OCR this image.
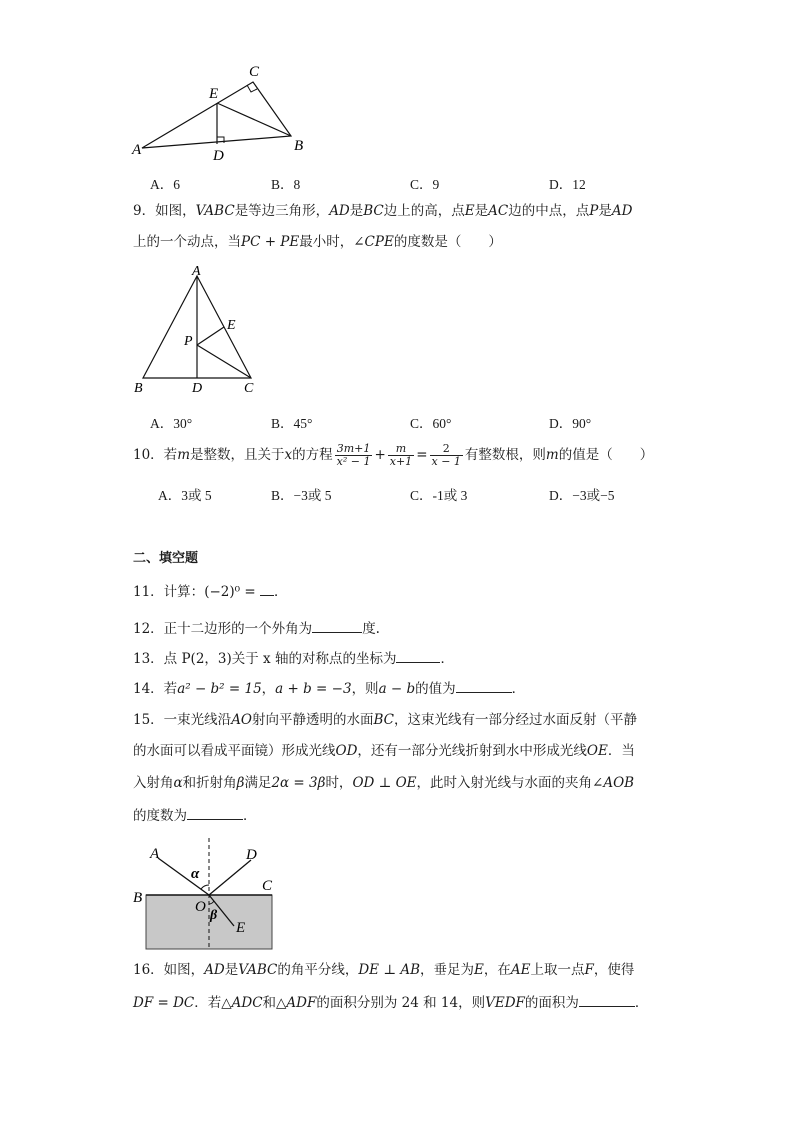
A	B
C
D
E
A．6	B．8	C．9	D．12
9．如图，VABC是等边三角形，AD是BC边上的高，点E是AC边的中点，点P是AD
上的一个动点，当PC + PE最小时，∠CPE的度数是（　　）
A
B	C
D
E
P
A．30°	B．45°	C．60°	D．90°
10．若m是整数，且关于x的方程 $\frac{3m+1}{\text{x² − 1}} + \frac{m}{x+1} = \frac{2}{x - 1}$ 有整数根，则m的值是（　　）
A．3或 5	B．−3或 5	C．-1或 3	D．−3或−5
二、填空题
11．计算：(−2)⁰ = ．
12．正十二边形的一个外角为	度.
13．点 P(2，3)关于 x 轴的对称点的坐标为	．
14．若a² − b² = 15，a + b = −3，则a − b的值为	．
15．一束光线沿AO射向平静透明的水面BC，这束光线有一部分经过水面反射（平静
的水面可以看成平面镜）形成光线OD，还有一部分光线折射到水中形成光线OE．当
入射角α和折射角β满足2α = 3β时，OD ⊥ OE，此时入射光线与水面的夹角∠AOB
的度数为	．
A
B
C
D
E
O
α
β
16．如图，AD是VABC的角平分线，DE ⊥ AB，垂足为E，在AE上取一点F，使得
DF = DC．若△ADC和△ADF的面积分别为 24 和 14，则VEDF的面积为	．
